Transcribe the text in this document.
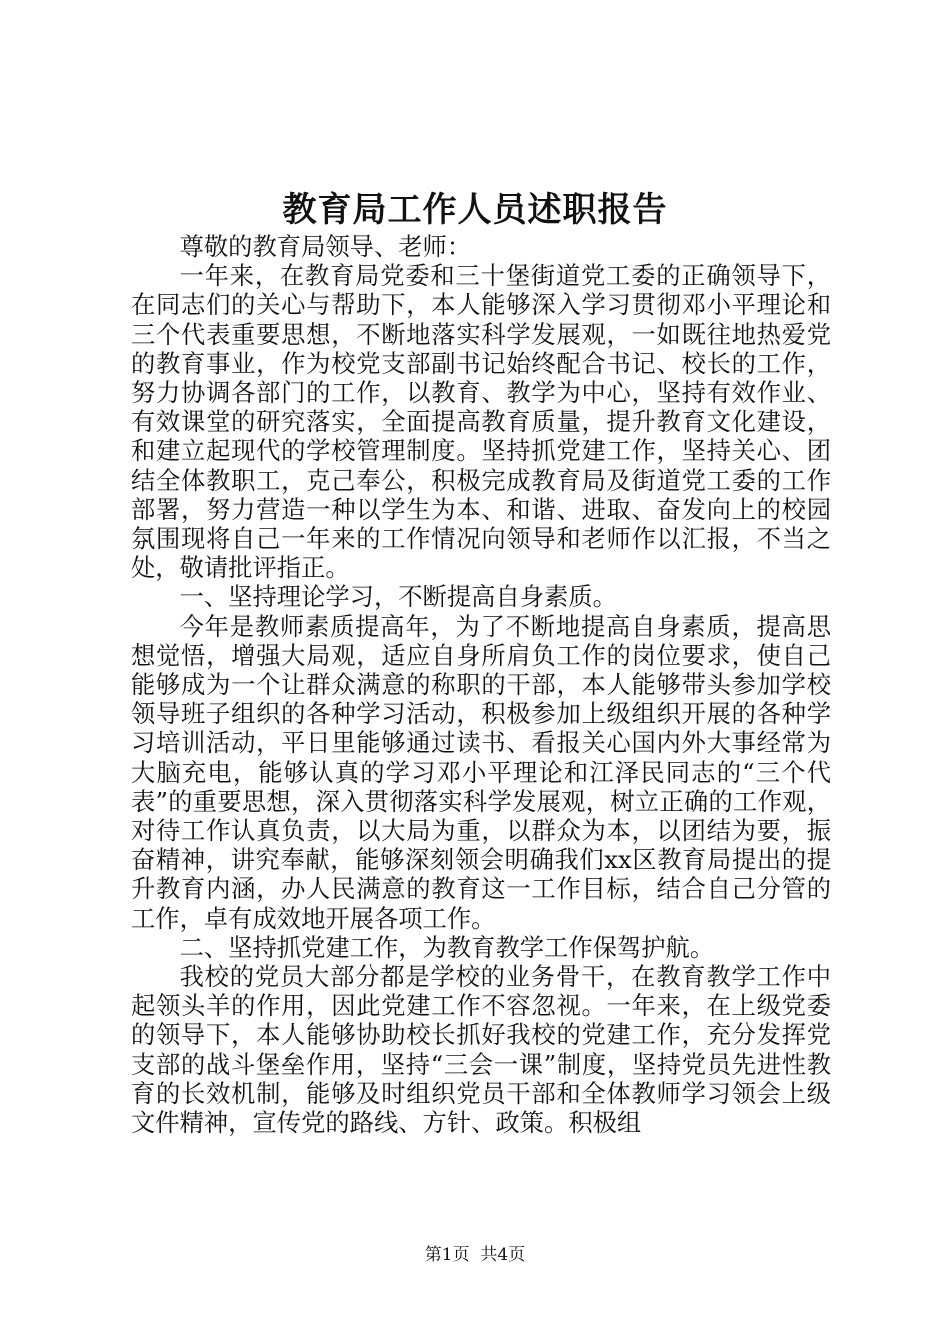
教育局工作人员述职报告

尊敬的教育局领导、老师：

一年来，在教育局党委和三十堡街道党工委的正确领导下，在同志们的关心与帮助下，本人能够深入学习贯彻邓小平理论和三个代表重要思想，不断地落实科学发展观，一如既往地热爱党的教育事业，作为校党支部副书记始终配合书记、校长的工作，努力协调各部门的工作，以教育、教学为中心，坚持有效作业、有效课堂的研究落实，全面提高教育质量，提升教育文化建设，和建立起现代的学校管理制度。坚持抓党建工作，坚持关心、团结全体教职工，克己奉公，积极完成教育局及街道党工委的工作部署，努力营造一种以学生为本、和谐、进取、奋发向上的校园氛围现将自己一年来的工作情况向领导和老师作以汇报，不当之处，敬请批评指正。

一、坚持理论学习，不断提高自身素质。

今年是教师素质提高年，为了不断地提高自身素质，提高思想觉悟，增强大局观，适应自身所肩负工作的岗位要求，使自己能够成为一个让群众满意的称职的干部，本人能够带头参加学校领导班子组织的各种学习活动，积极参加上级组织开展的各种学习培训活动，平日里能够通过读书、看报关心国内外大事经常为大脑充电，能够认真的学习邓小平理论和江泽民同志的“三个代表”的重要思想，深入贯彻落实科学发展观，树立正确的工作观，对待工作认真负责，以大局为重，以群众为本，以团结为要，振奋精神，讲究奉献，能够深刻领会明确我们xx区教育局提出的提升教育内涵，办人民满意的教育这一工作目标，结合自己分管的工作，卓有成效地开展各项工作。

二、坚持抓党建工作，为教育教学工作保驾护航。

我校的党员大部分都是学校的业务骨干，在教育教学工作中起领头羊的作用，因此党建工作不容忽视。一年来，在上级党委的领导下，本人能够协助校长抓好我校的党建工作，充分发挥党支部的战斗堡垒作用，坚持“三会一课”制度，坚持党员先进性教育的长效机制，能够及时组织党员干部和全体教师学习领会上级文件精神，宣传党的路线、方针、政策。积极组

第1页  共4页
